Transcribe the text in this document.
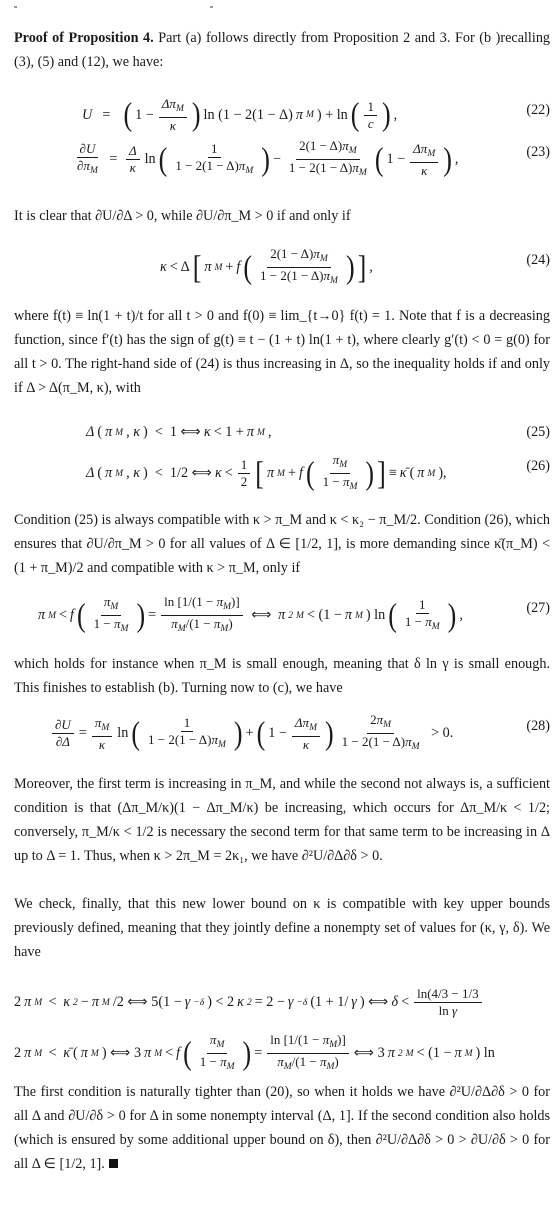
Proof of Proposition 4. Part (a) follows directly from Proposition 2 and 3. For (b )recalling (3), (5) and (12), we have:
U =
( $1 - \frac{\Delta\pi_M}{\kappa}$ ) ln (1 − 2(1 − Δ) π M ) + ln ( $\frac{1}{c}$ ) ,	(22)
$\frac{\partial U}{\partial\pi_M} = \frac{\Delta}{\kappa}$ ln ( $\frac{1}{1 - 2(1 - \Delta)\pi_M}$ ) − $\frac{2(1 - \Delta)\pi_M}{1 - 2(1 - \Delta)\pi_M}$ ( $1 - \frac{\Delta\pi_M}{\kappa}$ ) ,	(23)
It is clear that ∂U/∂Δ > 0, while ∂U/∂π_M > 0 if and only if
κ < Δ [ π M + f ( $\frac{2(1 - \Delta)\pi_M}{1 - 2(1 - \Delta)\pi_M}$ ) ] ,	(24)
where f(t) ≡ ln(1 + t)/t for all t > 0 and f(0) ≡ lim_{t→0} f(t) = 1. Note that f is a decreasing function, since f′(t) has the sign of g(t) ≡ t − (1 + t) ln(1 + t), where clearly g′(t) < 0 = g(0) for all t > 0. The right-hand side of (24) is thus increasing in Δ, so the inequality holds if and only if Δ > Δ(π_M, κ), with
Δ ( π M , κ )  <  1 ⟺ κ < 1 + π M ,	(25)
Δ ( π M , κ )  <  1/2 ⟺ $\kappa < \frac{1}{2}$ [ π M + f ( $\frac{\pi_M}{1 - \pi_M}$ ) ] ≡ κ̄ ( π M ),	(26)
Condition (25) is always compatible with κ > π_M and κ < κ₂ − π_M/2. Condition (26), which ensures that ∂U/∂π_M > 0 for all values of Δ ∈ [1/2, 1], is more demanding since κ̄(π_M) < (1 + π_M)/2 and compatible with κ > π_M, only if
π M < f ( $\frac{\pi_M}{1 - \pi_M}$ ) = $\frac{\ln [1/(1 - \pi_M)]}{\pi_M/(1 - \pi_M)}$ ⟺ π 2 M < (1 − π M ) ln ( $\frac{1}{1 - \pi_M}$ ) ,	(27)
which holds for instance when π_M is small enough, meaning that δ ln γ is small enough. This finishes to establish (b). Turning now to (c), we have
$\frac{\partial U}{\partial\Delta} = \frac{\pi_M}{\kappa}$ ln ( $\frac{1}{1 - 2(1 - \Delta)\pi_M}$ ) + ( $1 - \frac{\Delta\pi_M}{\kappa}$ ) $\frac{2\pi_M}{1 - 2(1 - \Delta)\pi_M} > 0$.	(28)
Moreover, the first term is increasing in π_M, and while the second not always is, a sufficient condition is that (Δπ_M/κ)(1 − Δπ_M/κ) be increasing, which occurs for Δπ_M/κ < 1/2; conversely, π_M/κ < 1/2 is necessary the second term for that same term to be increasing in Δ up to Δ = 1. Thus, when κ > 2π_M = 2κ₁, we have ∂²U/∂Δ∂δ > 0.
We check, finally, that this new lower bound on κ is compatible with key upper bounds previously defined, meaning that they jointly define a nonempty set of values for (κ, γ, δ). We have
2 π M < κ 2 − π M /2 ⟺ 5(1 − γ −δ ) < 2 κ 2 = 2 − γ −δ (1 + 1/ γ ) ⟺ $\delta < \frac{\ln(4/3 - 1/3}{\text{ln γ}}$
2 π M < κ̄ ( π M ) ⟺ 3 π M < f ( $\frac{\pi_M}{1 - \pi_M}$ ) = $\frac{\ln [1/(1 - \pi_M)]}{\pi_M/(1 - \pi_M)}$ ⟺ 3 π 2 M < (1 − π M ) ln
The first condition is naturally tighter than (20), so when it holds we have ∂²U/∂Δ∂δ > 0 for all Δ and ∂U/∂δ > 0 for Δ in some nonempty interval (Δ, 1]. If the second condition also holds (which is ensured by some additional upper bound on δ), then ∂²U/∂Δ∂δ > 0 > ∂U/∂δ > 0 for all Δ ∈ [1/2, 1].
